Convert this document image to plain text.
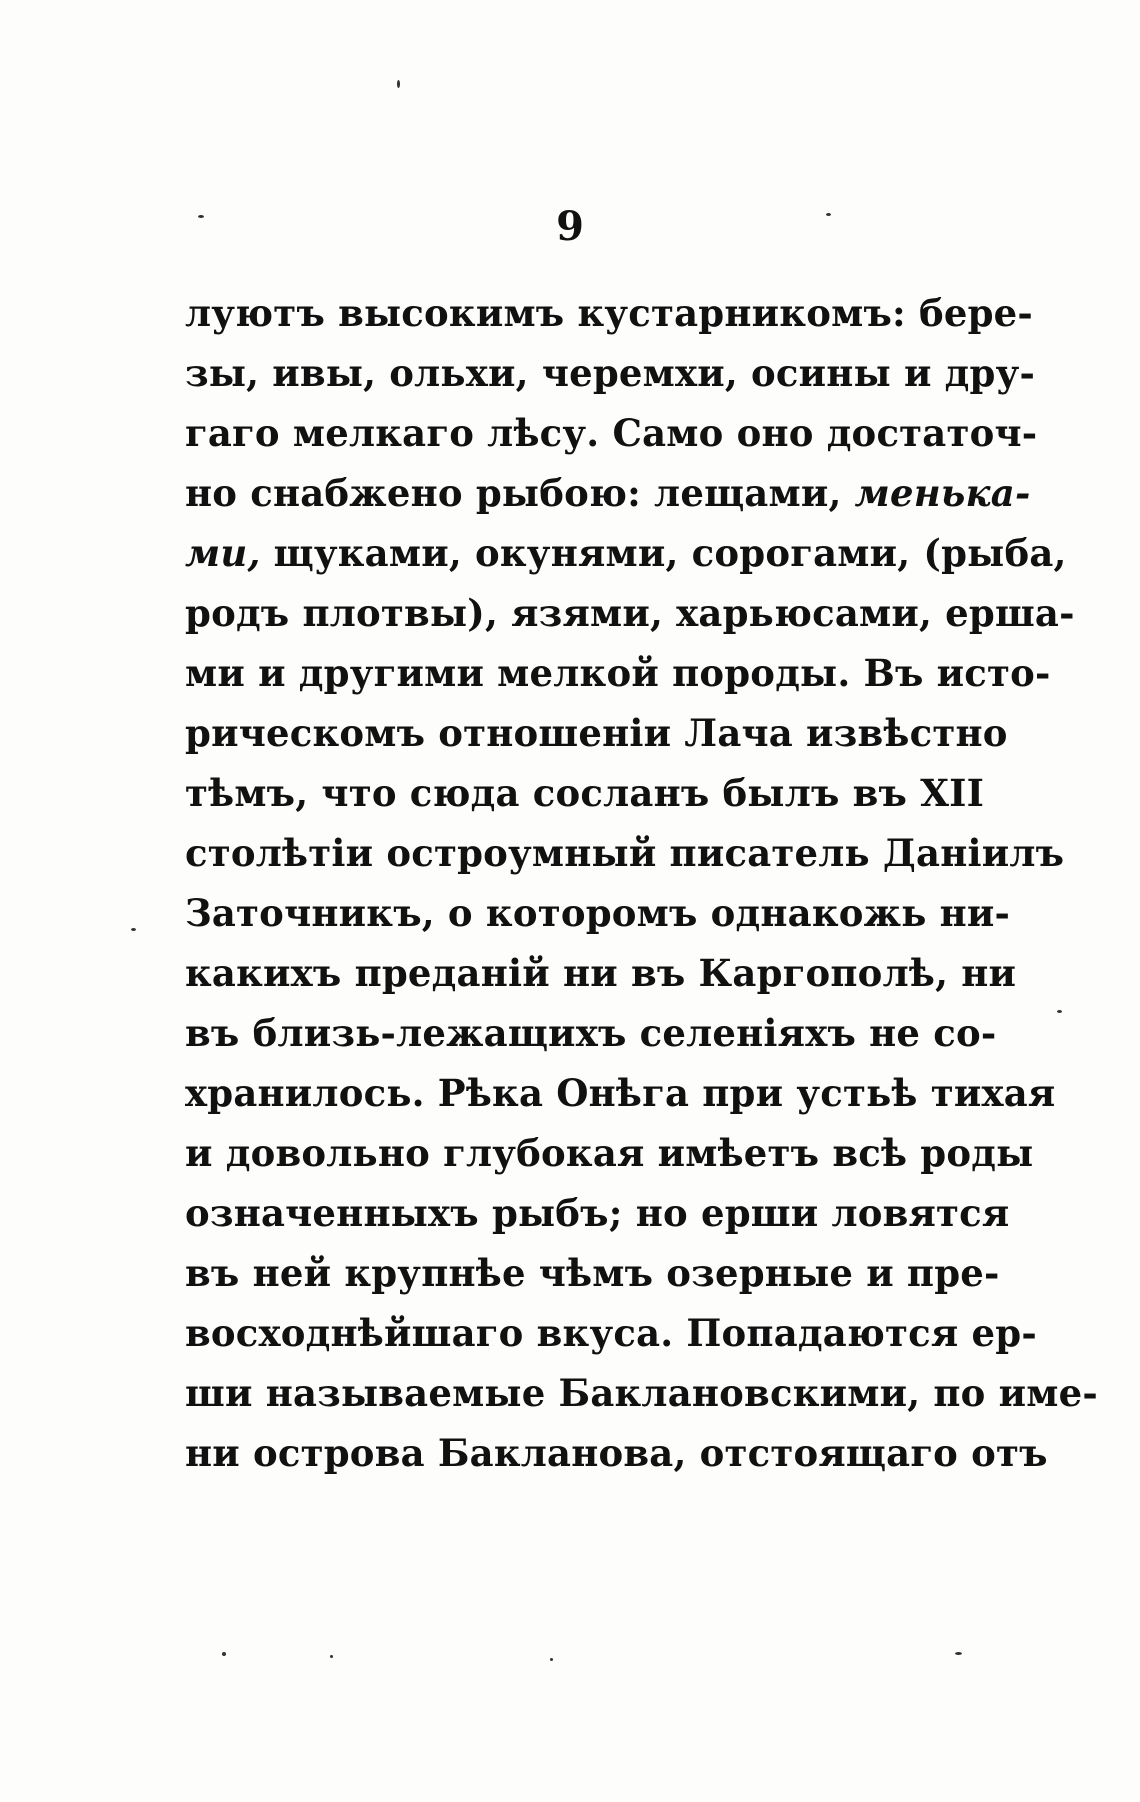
9
луютъ высокимъ кустарникомъ: бере-
зы, ивы, ольхи, черемхи, осины и дру-
гаго мелкаго лѣсу. Само оно достаточ-
но снабжено рыбою: лещами, менька-
ми, щуками, окунями, сорогами, (рыба,
родъ плотвы), язями, харьюсами, ерша-
ми и другими мелкой породы. Въ исто-
рическомъ отношеніи Лача извѣстно
тѣмъ, что сюда сосланъ былъ въ XII
столѣтіи остроумный писатель Даніилъ
Заточникъ, о которомъ однакожь ни-
какихъ преданій ни въ Каргополѣ, ни
въ близь-лежащихъ селеніяхъ не со-
хранилось. Рѣка Онѣга при устьѣ тихая
и довольно глубокая имѣетъ всѣ роды
означенныхъ рыбъ; но ерши ловятся
въ ней крупнѣе чѣмъ озерные и пре-
восходнѣйшаго вкуса. Попадаются ер-
ши называемые Баклановскими, по име-
ни острова Бакланова, отстоящаго отъ
